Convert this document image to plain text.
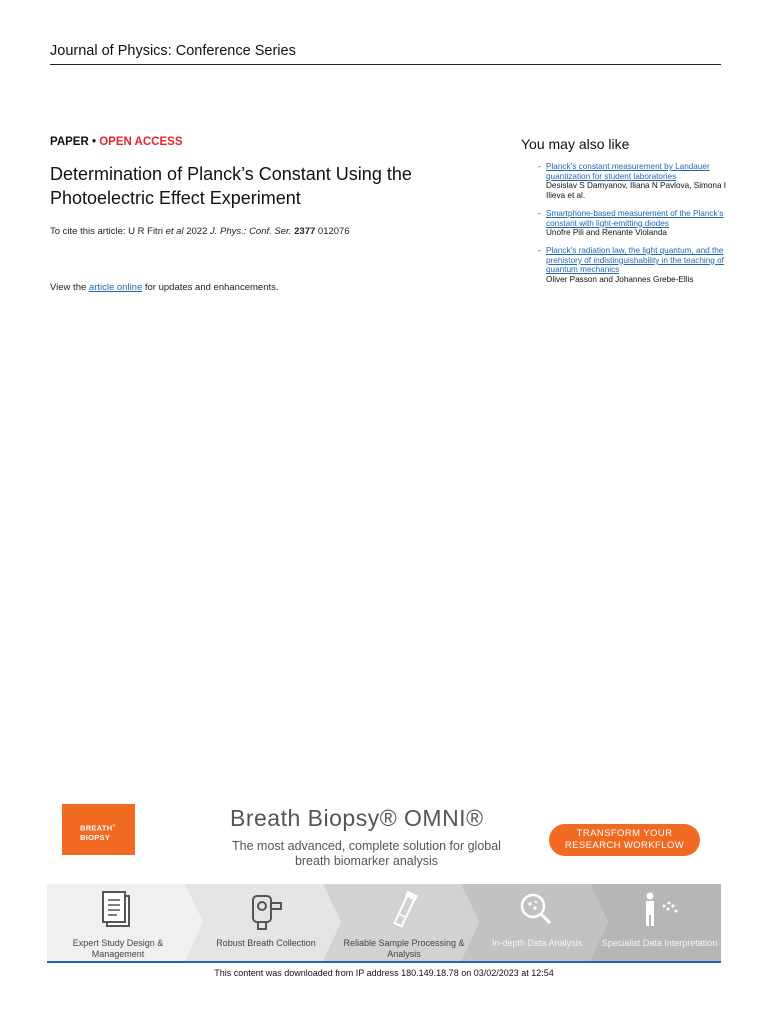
Journal of Physics: Conference Series
PAPER • OPEN ACCESS
Determination of Planck’s Constant Using the Photoelectric Effect Experiment
To cite this article: U R Fitri et al 2022 J. Phys.: Conf. Ser. 2377 012076
View the article online for updates and enhancements.
You may also like
- Planck’s constant measurement by Landauer quantization for student laboratories
Desislav S Damyanov, Iliana N Pavlova, Simona I Ilieva et al.
- Smartphone-based measurement of the Planck’s constant with light-emitting diodes
Unofre Pili and Renante Violanda
- Planck’s radiation law, the light quantum, and the prehistory of indistinguishability in the teaching of quantum mechanics
Oliver Passon and Johannes Grebe-Ellis
BREATH®
BIOPSY
Breath Biopsy® OMNI®
The most advanced, complete solution for global breath biomarker analysis
TRANSFORM YOUR RESEARCH WORKFLOW
Expert Study Design & Management
Robust Breath Collection	Reliable Sample Processing & Analysis
In-depth Data Analysis	Specialist Data Interpretation
This content was downloaded from IP address 180.149.18.78 on 03/02/2023 at 12:54
